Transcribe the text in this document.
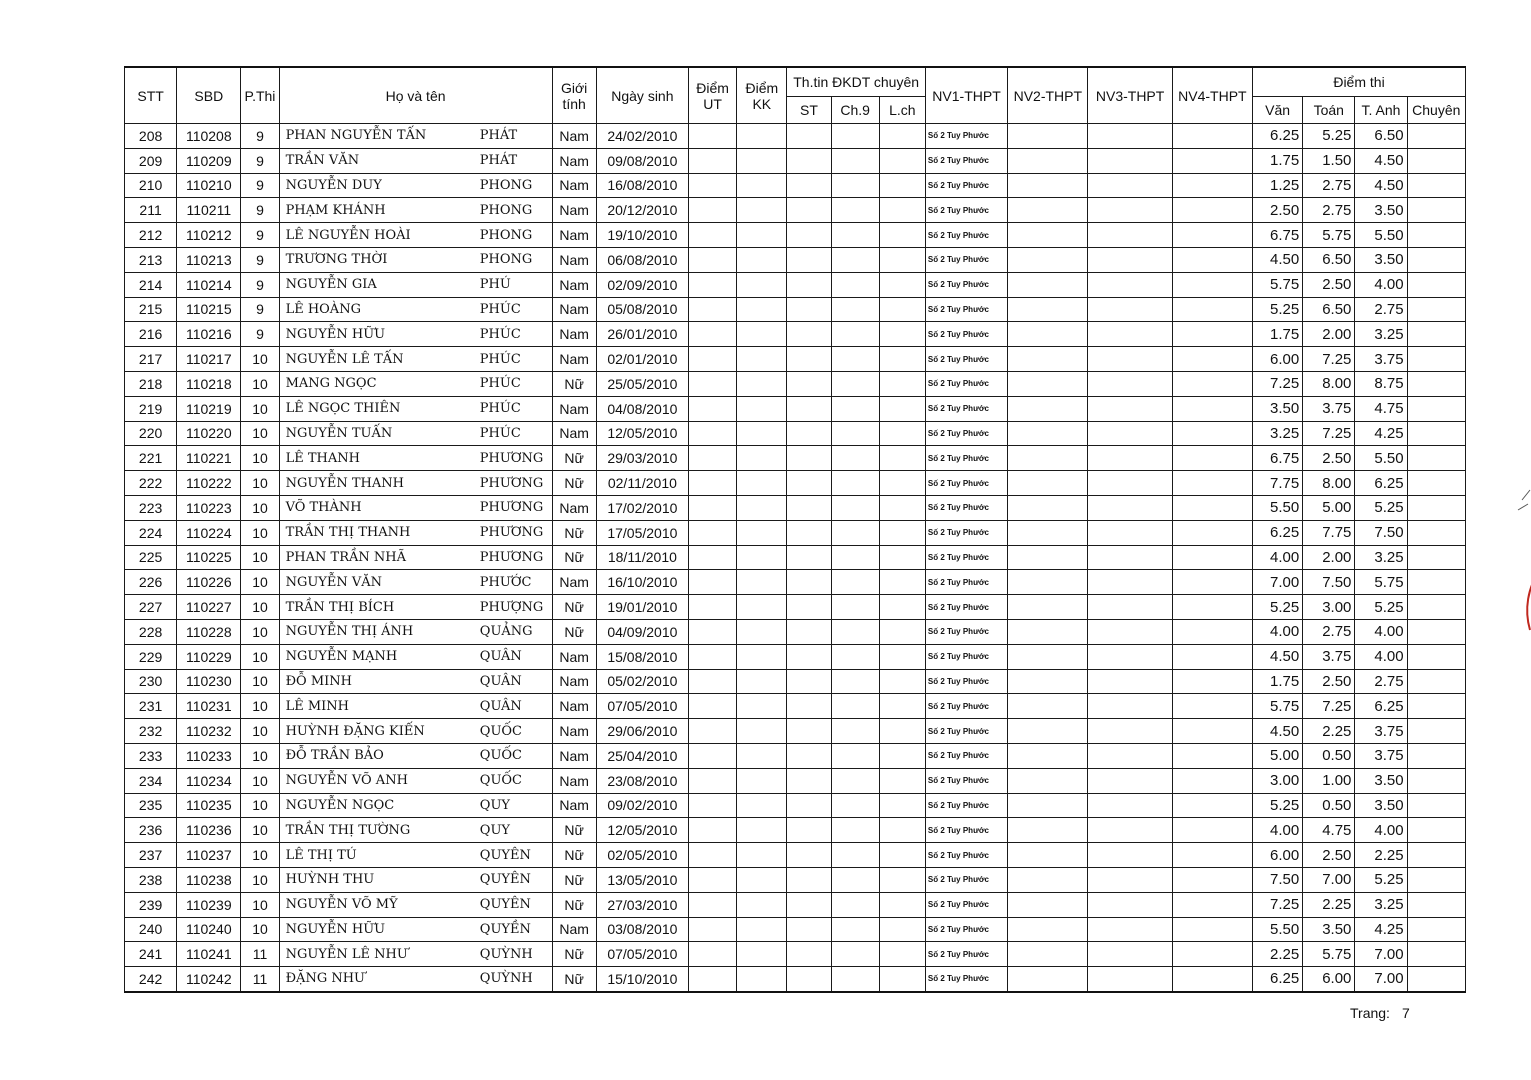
STT	SBD	P.Thi	Họ và tên		Giới tính	Ngày sinh	Điểm UT	Điểm KK	Th.tin ĐKDT chuyên			NV1-THPT	NV2-THPT	NV3-THPT	NV4-THPT	Điểm thi			
									ST	Ch.9	L.ch					Văn	Toán	T. Anh	Chuyên
208	110208	9	PHAN NGUYỄN TẤN	PHÁT	Nam	24/02/2010						Số 2 Tuy Phước				6.25	5.25	6.50	
209	110209	9	TRẦN VĂN	PHÁT	Nam	09/08/2010						Số 2 Tuy Phước				1.75	1.50	4.50	
210	110210	9	NGUYỄN DUY	PHONG	Nam	16/08/2010						Số 2 Tuy Phước				1.25	2.75	4.50	
211	110211	9	PHẠM KHÁNH	PHONG	Nam	20/12/2010						Số 2 Tuy Phước				2.50	2.75	3.50	
212	110212	9	LÊ NGUYỄN HOÀI	PHONG	Nam	19/10/2010						Số 2 Tuy Phước				6.75	5.75	5.50	
213	110213	9	TRƯƠNG THỜI	PHONG	Nam	06/08/2010						Số 2 Tuy Phước				4.50	6.50	3.50	
214	110214	9	NGUYỄN GIA	PHÚ	Nam	02/09/2010						Số 2 Tuy Phước				5.75	2.50	4.00	
215	110215	9	LÊ HOÀNG	PHÚC	Nam	05/08/2010						Số 2 Tuy Phước				5.25	6.50	2.75	
216	110216	9	NGUYỄN HỮU	PHÚC	Nam	26/01/2010						Số 2 Tuy Phước				1.75	2.00	3.25	
217	110217	10	NGUYỄN LÊ TẤN	PHÚC	Nam	02/01/2010						Số 2 Tuy Phước				6.00	7.25	3.75	
218	110218	10	MANG NGỌC	PHÚC	Nữ	25/05/2010						Số 2 Tuy Phước				7.25	8.00	8.75	
219	110219	10	LÊ NGỌC THIÊN	PHÚC	Nam	04/08/2010						Số 2 Tuy Phước				3.50	3.75	4.75	
220	110220	10	NGUYỄN TUẤN	PHÚC	Nam	12/05/2010						Số 2 Tuy Phước				3.25	7.25	4.25	
221	110221	10	LÊ THANH	PHƯƠNG	Nữ	29/03/2010						Số 2 Tuy Phước				6.75	2.50	5.50	
222	110222	10	NGUYỄN THANH	PHƯƠNG	Nữ	02/11/2010						Số 2 Tuy Phước				7.75	8.00	6.25	
223	110223	10	VÕ THÀNH	PHƯƠNG	Nam	17/02/2010						Số 2 Tuy Phước				5.50	5.00	5.25	
224	110224	10	TRẦN THỊ THANH	PHƯƠNG	Nữ	17/05/2010						Số 2 Tuy Phước				6.25	7.75	7.50	
225	110225	10	PHAN TRẦN NHÃ	PHƯƠNG	Nữ	18/11/2010						Số 2 Tuy Phước				4.00	2.00	3.25	
226	110226	10	NGUYỄN VĂN	PHƯỚC	Nam	16/10/2010						Số 2 Tuy Phước				7.00	7.50	5.75	
227	110227	10	TRẦN THỊ BÍCH	PHƯỢNG	Nữ	19/01/2010						Số 2 Tuy Phước				5.25	3.00	5.25	
228	110228	10	NGUYỄN THỊ ÁNH	QUẢNG	Nữ	04/09/2010						Số 2 Tuy Phước				4.00	2.75	4.00	
229	110229	10	NGUYỄN MẠNH	QUÂN	Nam	15/08/2010						Số 2 Tuy Phước				4.50	3.75	4.00	
230	110230	10	ĐỖ MINH	QUÂN	Nam	05/02/2010						Số 2 Tuy Phước				1.75	2.50	2.75	
231	110231	10	LÊ MINH	QUÂN	Nam	07/05/2010						Số 2 Tuy Phước				5.75	7.25	6.25	
232	110232	10	HUỲNH ĐẶNG KIẾN	QUỐC	Nam	29/06/2010						Số 2 Tuy Phước				4.50	2.25	3.75	
233	110233	10	ĐỖ TRẦN BẢO	QUỐC	Nam	25/04/2010						Số 2 Tuy Phước				5.00	0.50	3.75	
234	110234	10	NGUYỄN VÕ ANH	QUỐC	Nam	23/08/2010						Số 2 Tuy Phước				3.00	1.00	3.50	
235	110235	10	NGUYỄN NGỌC	QUY	Nam	09/02/2010						Số 2 Tuy Phước				5.25	0.50	3.50	
236	110236	10	TRẦN THỊ TƯỜNG	QUY	Nữ	12/05/2010						Số 2 Tuy Phước				4.00	4.75	4.00	
237	110237	10	LÊ THỊ TÚ	QUYÊN	Nữ	02/05/2010						Số 2 Tuy Phước				6.00	2.50	2.25	
238	110238	10	HUỲNH THU	QUYÊN	Nữ	13/05/2010						Số 2 Tuy Phước				7.50	7.00	5.25	
239	110239	10	NGUYỄN VÕ MỸ	QUYÊN	Nữ	27/03/2010						Số 2 Tuy Phước				7.25	2.25	3.25	
240	110240	10	NGUYỄN HỮU	QUYỀN	Nam	03/08/2010						Số 2 Tuy Phước				5.50	3.50	4.25	
241	110241	11	NGUYỄN LÊ NHƯ	QUỲNH	Nữ	07/05/2010						Số 2 Tuy Phước				2.25	5.75	7.00	
242	110242	11	ĐẶNG NHƯ	QUỲNH	Nữ	15/10/2010						Số 2 Tuy Phước				6.25	6.00	7.00	
Trang: 7
